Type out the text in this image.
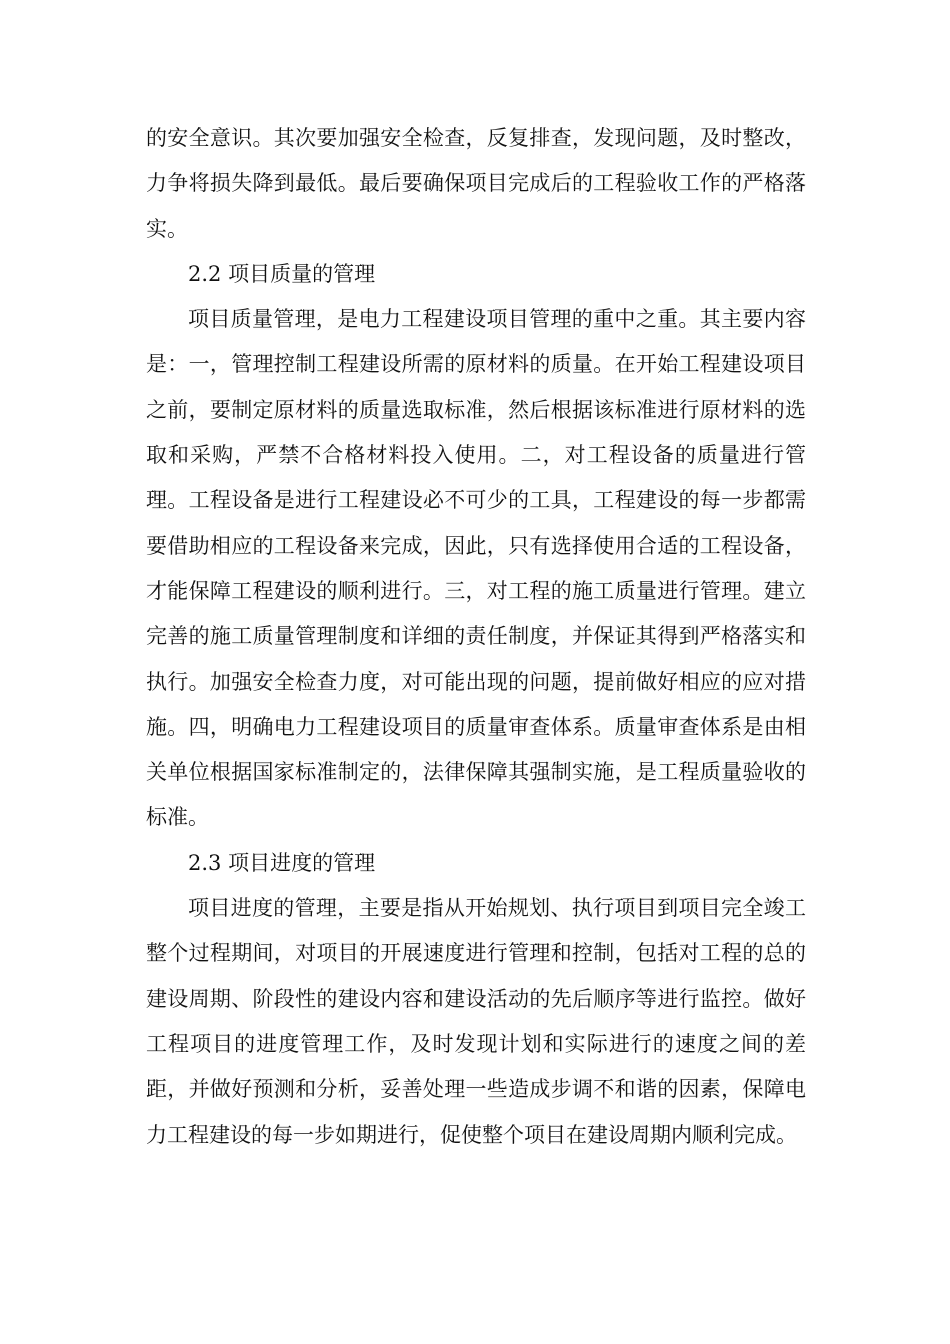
的安全意识。其次要加强安全检查，反复排查，发现问题，及时整改，力争将损失降到最低。最后要确保项目完成后的工程验收工作的严格落实。

2.2 项目质量的管理

项目质量管理，是电力工程建设项目管理的重中之重。其主要内容是：一，管理控制工程建设所需的原材料的质量。在开始工程建设项目之前，要制定原材料的质量选取标准，然后根据该标准进行原材料的选取和采购，严禁不合格材料投入使用。二，对工程设备的质量进行管理。工程设备是进行工程建设必不可少的工具，工程建设的每一步都需要借助相应的工程设备来完成，因此，只有选择使用合适的工程设备，才能保障工程建设的顺利进行。三，对工程的施工质量进行管理。建立完善的施工质量管理制度和详细的责任制度，并保证其得到严格落实和执行。加强安全检查力度，对可能出现的问题，提前做好相应的应对措施。四，明确电力工程建设项目的质量审查体系。质量审查体系是由相关单位根据国家标准制定的，法律保障其强制实施，是工程质量验收的标准。

2.3 项目进度的管理

项目进度的管理，主要是指从开始规划、执行项目到项目完全竣工整个过程期间，对项目的开展速度进行管理和控制，包括对工程的总的建设周期、阶段性的建设内容和建设活动的先后顺序等进行监控。做好工程项目的进度管理工作，及时发现计划和实际进行的速度之间的差距，并做好预测和分析，妥善处理一些造成步调不和谐的因素，保障电力工程建设的每一步如期进行，促使整个项目在建设周期内顺利完成。
